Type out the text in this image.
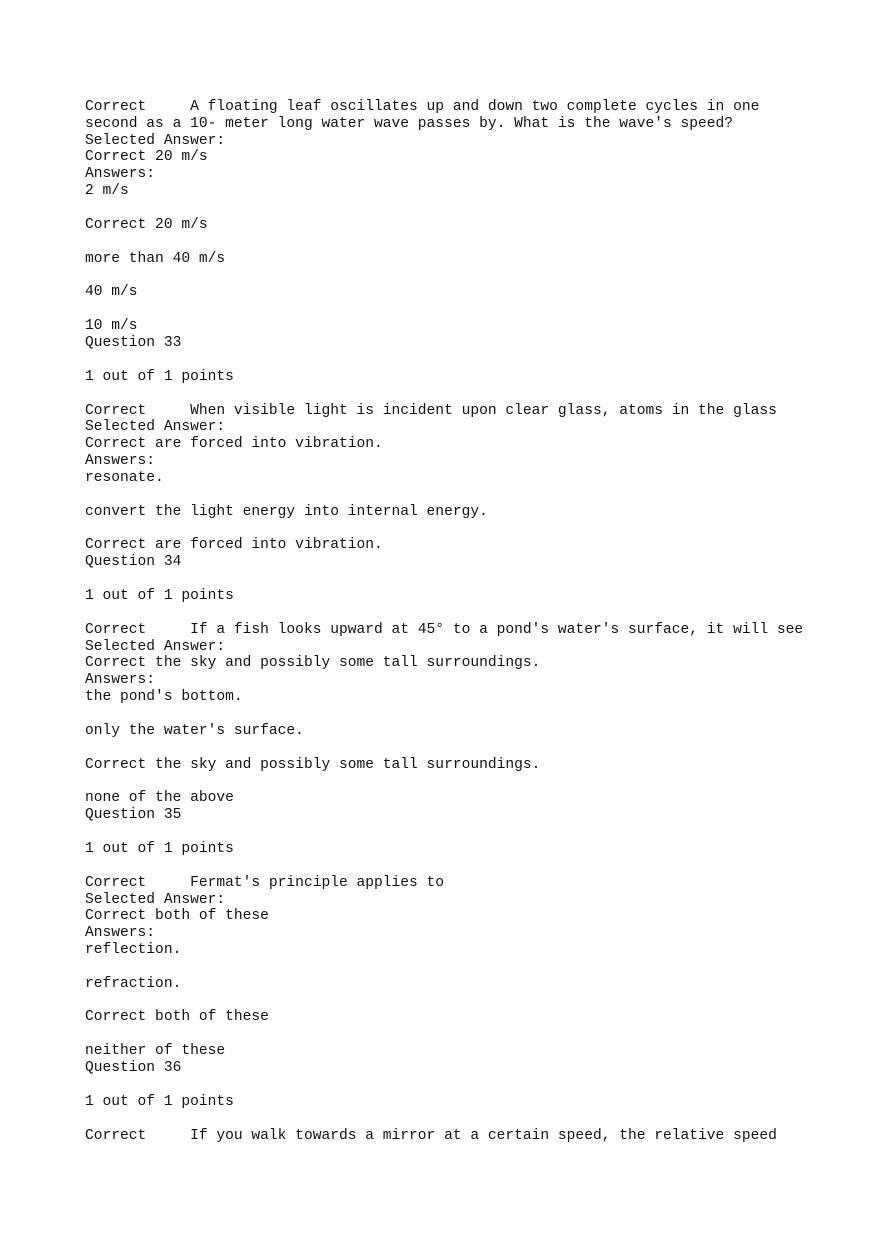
Correct     A floating leaf oscillates up and down two complete cycles in one second as a 10- meter long water wave passes by. What is the wave's speed?

Selected Answer:

Correct 20 m/s

Answers:

2 m/s

Correct 20 m/s

more than 40 m/s

40 m/s

10 m/s

Question 33

1 out of 1 points

Correct     When visible light is incident upon clear glass, atoms in the glass

Selected Answer:

Correct are forced into vibration.

Answers:

resonate.

convert the light energy into internal energy.

Correct are forced into vibration.

Question 34

1 out of 1 points

Correct     If a fish looks upward at 45° to a pond's water's surface, it will see

Selected Answer:

Correct the sky and possibly some tall surroundings.

Answers:

the pond's bottom.

only the water's surface.

Correct the sky and possibly some tall surroundings.

none of the above

Question 35

1 out of 1 points

Correct     Fermat's principle applies to

Selected Answer:

Correct both of these

Answers:

reflection.

refraction.

Correct both of these

neither of these

Question 36

1 out of 1 points

Correct     If you walk towards a mirror at a certain speed, the relative speed
